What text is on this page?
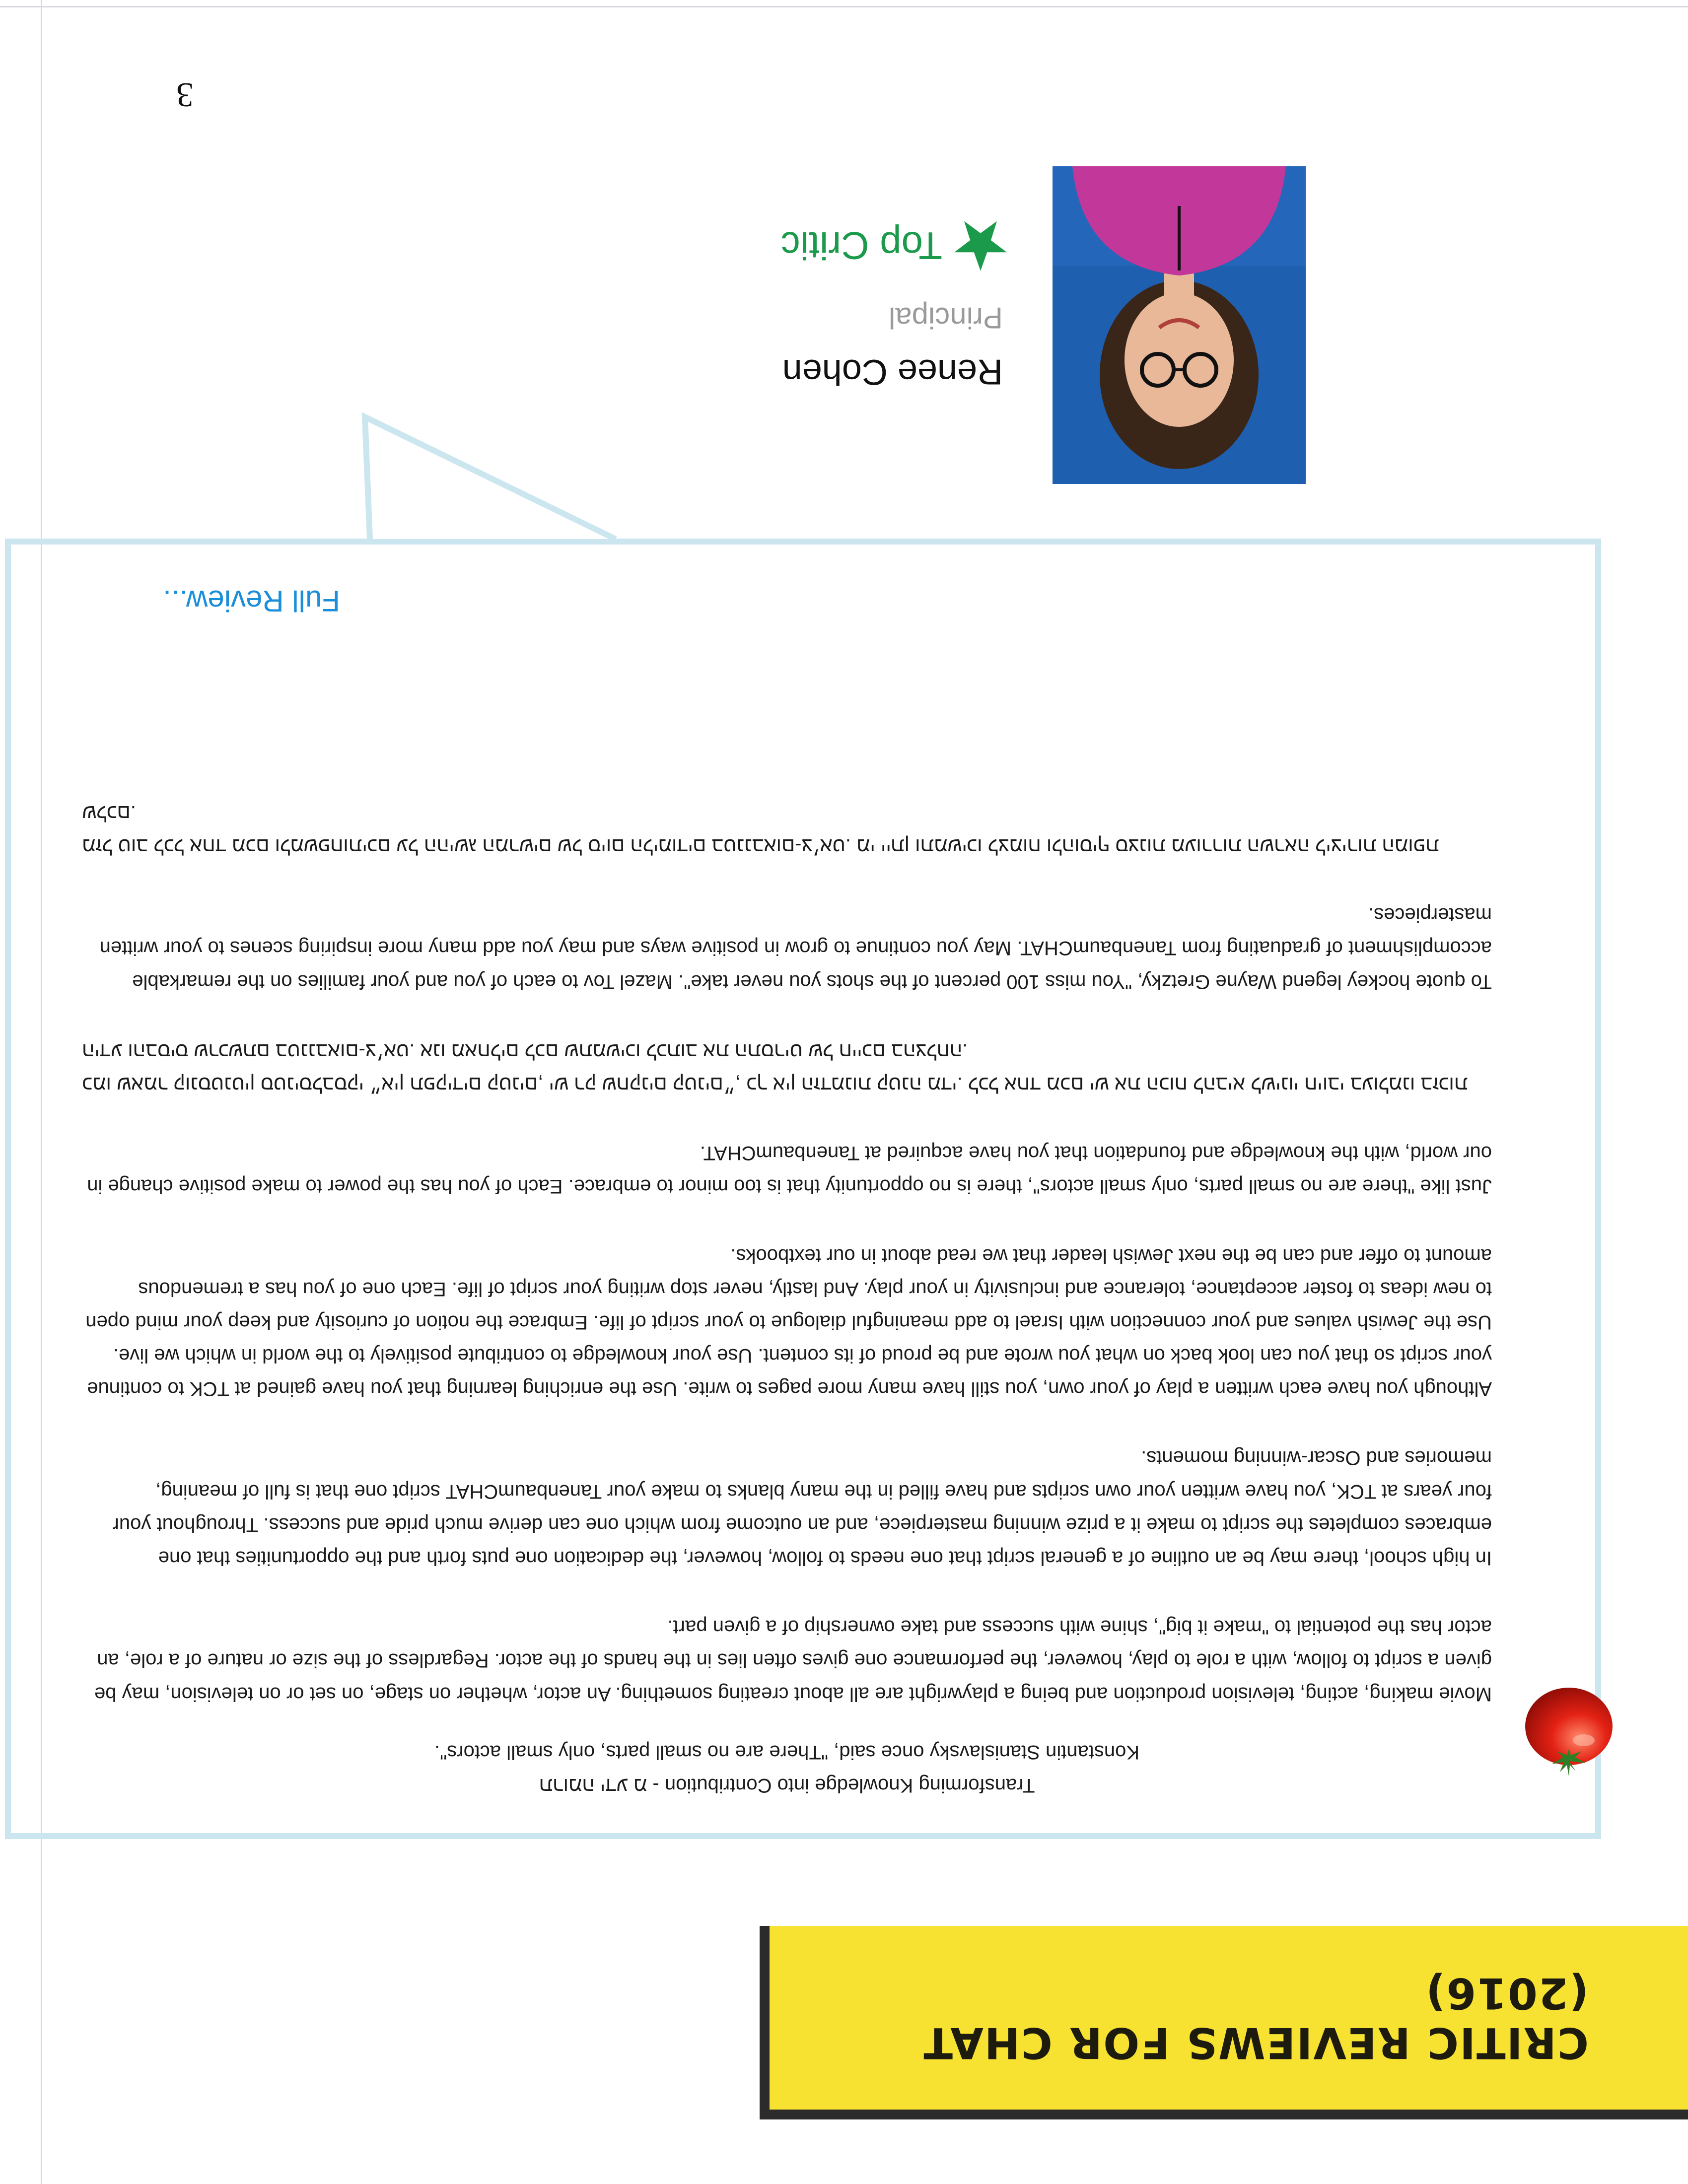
CRITIC REVIEWS FOR CHAT (2016)

Transforming Knowledge into Contribution - תרומה ידע מ
Konstantin Stanislavsky once said, "There are no small parts, only small actors".

Movie making, acting, television production and being a playwright are all about creating something. An actor, whether on stage, on set or on television, may be given a script to follow, with a role to play, however, the performance one gives often lies in the hands of the actor. Regardless of the size or nature of a role, an actor has the potential to "make it big", shine with success and take ownership of a given part.

In high school, there may be an outline of a general script that one needs to follow, however, the dedication one puts forth and the opportunities that one embraces completes the script to make it a prize winning masterpiece, and an outcome from which one can derive much pride and success. Throughout your four years at TCK, you have written your own scripts and have filled in the many blanks to make your TanenbaumCHAT script one that is full of meaning, memories and Oscar-winning moments.

Although you have each written a play of your own, you still have many more pages to write. Use the enriching learning that you have gained at TCK to continue your script so that you can look back on what you wrote and be proud of its content. Use your knowledge to contribute positively to the world in which we live. Use the Jewish values and your connection with Israel to add meaningful dialogue to your script of life. Embrace the notion of curiosity and keep your mind open to new ideas to foster acceptance, tolerance and inclusivity in your play. And lastly, never stop writing your script of life. Each one of you has a tremendous amount to offer and can be the next Jewish leader that we read about in our textbooks.

Just like "there are no small parts, only small actors", there is no opportunity that is too minor to embrace. Each of you has the power to make positive change in our world, with the knowledge and foundation that you have acquired at TanenbaumCHAT.

כמו שאמר קונסטנטין סטניסלבסקי ״אין תפקידים קטנים, יש רק שחקנים קטנים״, כך אין הזדמנות קטנה מדי. לכל אחד מכם יש את הכוח להביא לשינוי חיובי בעולמנו בזכות הידע והבסיס שרכשתם בטננבאום-צ׳אט. אנו מאחלים לכם שתמשיכו לכתוב את התסריט של חייכם בהצלחה.

To quote hockey legend Wayne Gretzky, "You miss 100 percent of the shots you never take". Mazel Tov to each of you and your families on the remarkable accomplishment of graduating from TanenbaumCHAT. May you continue to grow in positive ways and may you add many more inspiring scenes to your written masterpieces.

מזל טוב לכל אחד מכם ולמשפחותיכם על ההישג המרשים של סיום הלימודים בטננבאום-צ׳אט. מי ייתן ותמשיכו לצמוח ולהוסיף סצנות מעוררות השראה ליצירות המופת שלכם.

Full Review...
Renee Cohen
Principal
Top Critic
3
